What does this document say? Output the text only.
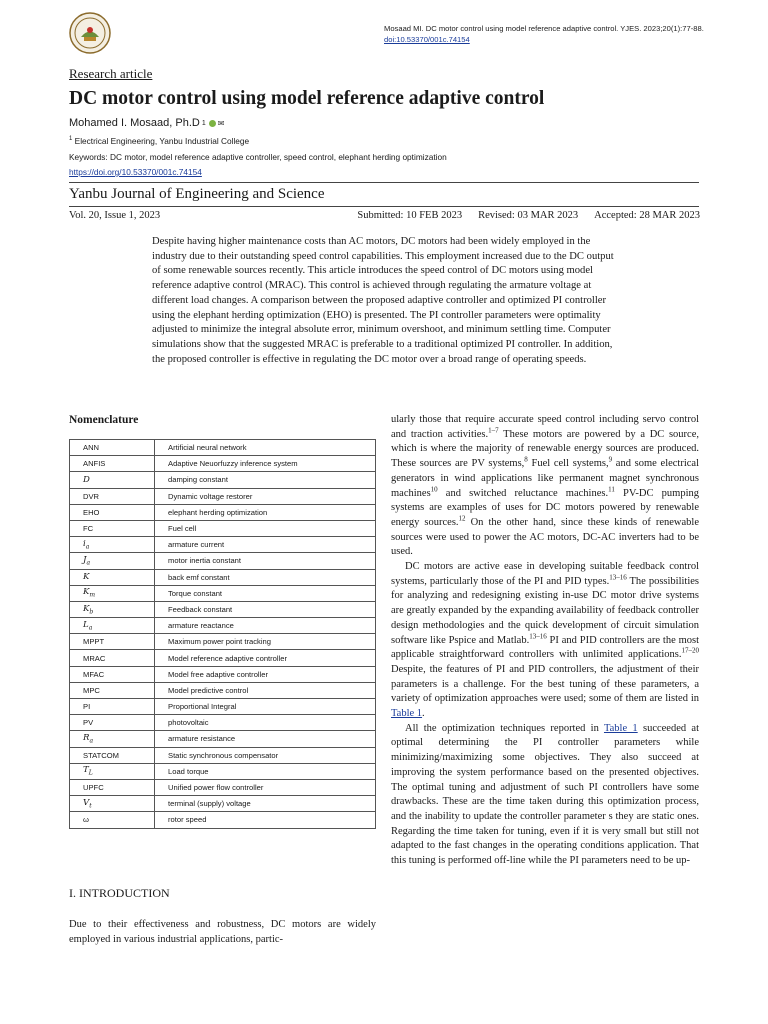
Mosaad MI. DC motor control using model reference adaptive control. YJES. 2023;20(1):77-88.
doi:10.53370/001c.74154
Research article
DC motor control using model reference adaptive control
Mohamed I. Mosaad, Ph.D 1 ✉
$^1$ Electrical Engineering, Yanbu Industrial College
Keywords: DC motor, model reference adaptive controller, speed control, elephant herding optimization
https://doi.org/10.53370/001c.74154
Yanbu Journal of Engineering and Science
Vol. 20, Issue 1, 2023	Submitted: 10 FEB 2023 Revised: 03 MAR 2023 Accepted: 28 MAR 2023
Despite having higher maintenance costs than AC motors, DC motors had been widely employed in the industry due to their outstanding speed control capabilities. This employment increased due to the DC output of some renewable sources recently. This article introduces the speed control of DC motors using model reference adaptive control (MRAC). This control is achieved through regulating the armature voltage at different load changes. A comparison between the proposed adaptive controller and optimized PI controller using the elephant herding optimization (EHO) is presented. The PI controller parameters were optimality adjusted to minimize the integral absolute error, minimum overshoot, and minimum settling time. Computer simulations show that the suggested MRAC is preferable to a traditional optimized PI controller. In addition, the proposed controller is effective in regulating the DC motor over a broad range of operating speeds.
Nomenclature
ANN	Artificial neural network
ANFIS	Adaptive Neuorfuzzy inference system
D	damping constant
DVR	Dynamic voltage restorer
EHO	elephant herding optimization
FC	Fuel cell
$i_a$	armature current
$J_a$	motor inertia constant
K	back emf constant
$K_m$	Torque constant
$K_b$	Feedback constant
$L_a$	armature reactance
MPPT	Maximum power point tracking
MRAC	Model reference adaptive controller
MFAC	Model free adaptive controller
MPC	Model predictive control
PI	Proportional Integral
PV	photovoltaic
$R_a$	armature resistance
STATCOM	Static synchronous compensator
$T_L$	Load torque
UPFC	Unified power flow controller
$V_t$	terminal (supply) voltage
ω	rotor speed
I. INTRODUCTION
Due to their effectiveness and robustness, DC motors are widely employed in various industrial applications, partic-

ularly those that require accurate speed control including servo control and traction activities.$^{1-7}$ These motors are powered by a DC source, which is where the majority of renewable energy sources are produced. These sources are PV systems,$^8$ Fuel cell systems,$^9$ and some electrical generators in wind applications like permanent magnet synchronous machines$^{10}$ and switched reluctance machines.$^{11}$ PV-DC pumping systems are examples of uses for DC motors powered by renewable energy sources.$^{12}$ On the other hand, since these kinds of renewable sources were used to power the AC motors, DC-AC inverters had to be used.

DC motors are active ease in developing suitable feedback control systems, particularly those of the PI and PID types.$^{13-16}$ The possibilities for analyzing and redesigning existing in-use DC motor drive systems are greatly expanded by the expanding availability of feedback controller design methodologies and the quick development of circuit simulation software like Pspice and Matlab.$^{13-16}$ PI and PID controllers are the most applicable straightforward controllers with unlimited applications.$^{17-20}$ Despite, the features of PI and PID controllers, the adjustment of their parameters is a challenge. For the best tuning of these parameters, a variety of optimization approaches were used; some of them are listed in Table 1.

All the optimization techniques reported in Table 1 succeeded at optimal determining the PI controller parameters while minimizing/maximizing some objectives. They also succeed at improving the system performance based on the presented objectives. The optimal tuning and adjustment of such PI controllers have some drawbacks. These are the time taken during this optimization process, and the inability to update the controller parameter s they are static ones. Regarding the time taken for tuning, even if it is very small but still not adapted to the fast changes in the operating conditions application. That this tuning is performed off-line while the PI parameters need to be up-
